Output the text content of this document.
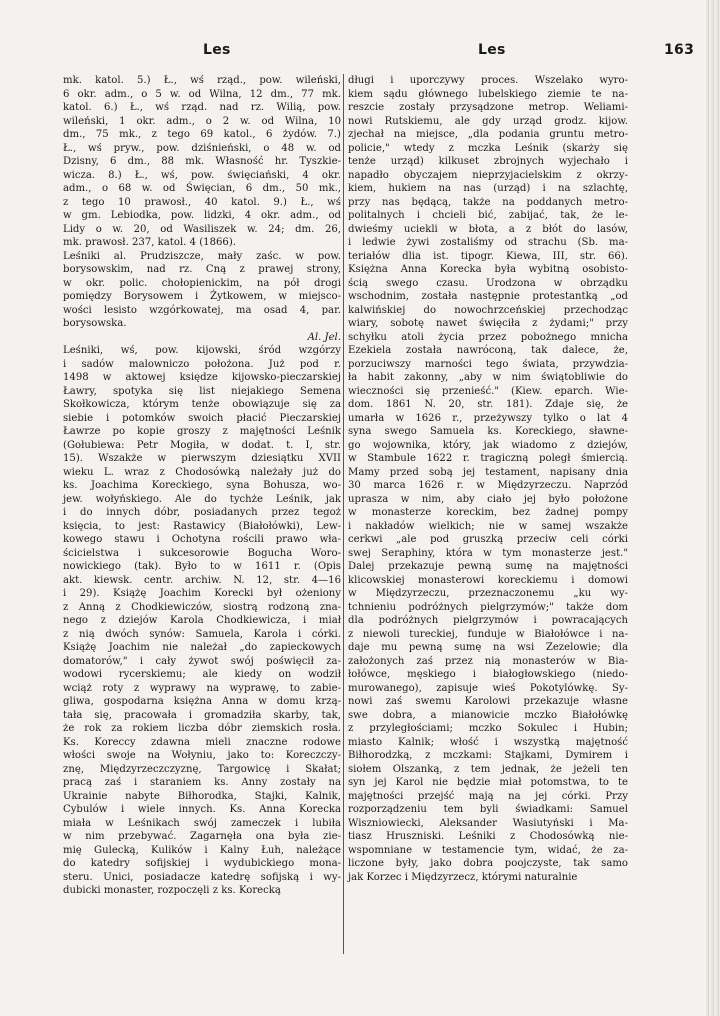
Les	Les	163
mk. katol. 5.) Ł., wś rząd., pow. wileński,
6 okr. adm., o 5 w. od Wilna, 12 dm., 77 mk.
katol. 6.) Ł., wś rząd. nad rz. Wilią, pow.
wileński, 1 okr. adm., o 2 w. od Wilna, 10
dm., 75 mk., z tego 69 katol., 6 żydów. 7.)
Ł., wś pryw., pow. dziśnieński, o 48 w. od
Dzisny, 6 dm., 88 mk. Własność hr. Tyszkie-
wicza. 8.) Ł., wś, pow. święciański, 4 okr.
adm., o 68 w. od Święcian, 6 dm., 50 mk.,
z tego 10 prawosł., 40 katol. 9.) Ł., wś
w gm. Lebiodka, pow. lidzki, 4 okr. adm., od
Lidy o w. 20, od Wasiliszek w. 24; dm. 26,
mk. prawosł. 237, katol. 4 (1866).
Leśniki al. Prudziszcze, mały zaśc. w pow.
borysowskim, nad rz. Cną z prawej strony,
w okr. polic. chołopienickim, na pół drogi
pomiędzy Borysowem i Żytkowem, w miejsco-
wości lesisto wzgórkowatej, ma osad 4, par.
borysowska.
Al. Jel.
Leśniki, wś, pow. kijowski, śród wzgórzy
i sadów malowniczo położona. Już pod r.
1498 w aktowej księdze kijowsko-pieczarskiej
Ławry, spotyka się list niejakiego Semena
Skołkowicza, którym tenże obowiązuje się za
siebie i potomków swoich płacić Pieczarskiej
Ławrze po kopie groszy z majętności Leśnik
(Gołubiewa: Petr Mogiła, w dodat. t. I, str.
15). Wszakże w pierwszym dziesiątku XVII
wieku L. wraz z Chodosówką należały już do
ks. Joachima Koreckiego, syna Bohusza, wo-
jew. wołyńskiego. Ale do tychże Leśnik, jak
i do innych dóbr, posiadanych przez tegoż
księcia, to jest: Rastawicy (Białołówki), Lew-
kowego stawu i Ochotyna rościli prawo wła-
ścicielstwa i sukcesorowie Bogucha Woro-
nowickiego (tak). Było to w 1611 r. (Opis
akt. kiewsk. centr. archiw. N. 12, str. 4—16
i 29). Książę Joachim Korecki był ożeniony
z Anną z Chodkiewiczów, siostrą rodzoną zna-
nego z dziejów Karola Chodkiewicza, i miał
z nią dwóch synów: Samuela, Karola i córki.
Książę Joachim nie należał „do zapieckowych
domatorów," i cały żywot swój poświęcił za-
wodowi rycerskiemu; ale kiedy on wodził
wciąż roty z wyprawy na wyprawę, to zabie-
gliwa, gospodarna księżna Anna w domu krzą-
tała się, pracowała i gromadziła skarby, tak,
że rok za rokiem liczba dóbr ziemskich rosła.
Ks. Koreccy zdawna mieli znaczne rodowe
włości swoje na Wołyniu, jako to: Koreczczy-
znę, Międzyrzeczczyznę, Targowicę i Skałat;
pracą zaś i staraniem ks. Anny zostały na
Ukrainie nabyte Biłhorodka, Stajki, Kalnik,
Cybulów i wiele innych. Ks. Anna Korecka
miała w Leśnikach swój zameczek i lubiła
w nim przebywać. Zagarnęła ona była zie-
mię Gulecką, Kulików i Kalny Łuh, należące
do katedry sofijskiej i wydubickiego mona-
steru. Unici, posiadacze katedrę sofijską i wy-
dubicki monaster, rozpoczęli z ks. Korecką
długi i uporczywy proces. Wszelako wyro-
kiem sądu głównego lubelskiego ziemie te na-
reszcie zostały przysądzone metrop. Weliami-
nowi Rutskiemu, ale gdy urząd grodz. kijow.
zjechał na miejsce, „dla podania gruntu metro-
policie," wtedy z mczka Leśnik (skarży się
tenże urząd) kilkuset zbrojnych wyjechało i
napadło obyczajem nieprzyjacielskim z okrzy-
kiem, hukiem na nas (urząd) i na szlachtę,
przy nas będącą, także na poddanych metro-
politalnych i chcieli bić, zabijać, tak, że le-
dwieśmy uciekli w błota, a z błót do lasów,
i ledwie żywi zostaliśmy od strachu (Sb. ma-
teriałów dlia ist. tipogr. Kiewa, III, str. 66).
Księżna Anna Korecka była wybitną osobisto-
ścią swego czasu. Urodzona w obrządku
wschodnim, została następnie protestantką „od
kalwińskiej do nowochrzceńskiej przechodząc
wiary, sobotę nawet święciła z żydami;" przy
schyłku atoli życia przez pobożnego mnicha
Ezekiela została nawróconą, tak dalece, że,
porzuciwszy marności tego świata, przywdzia-
ła habit zakonny, „aby w nim świątobliwie do
wieczności się przenieść." (Kiew. eparch. Wie-
dom. 1861 N. 20, str. 181). Zdaje się, że
umarła w 1626 r., przeżywszy tylko o lat 4
syna swego Samuela ks. Koreckiego, sławne-
go wojownika, który, jak wiadomo z dziejów,
w Stambule 1622 r. tragiczną poległ śmiercią.
Mamy przed sobą jej testament, napisany dnia
30 marca 1626 r. w Międzyrzeczu. Naprzód
uprasza w nim, aby ciało jej było położone
w monasterze koreckim, bez żadnej pompy
i nakładów wielkich; nie w samej wszakże
cerkwi „ale pod gruszką przeciw celi córki
swej Seraphiny, która w tym monasterze jest."
Dalej przekazuje pewną sumę na majętności
klicowskiej monasterowi koreckiemu i domowi
w Międzyrzeczu, przeznaczonemu „ku wy-
tchnieniu podróżnych pielgrzymów;" także dom
dla podróżnych pielgrzymów i powracających
z niewoli tureckiej, funduje w Białołówce i na-
daje mu pewną sumę na wsi Zezelowie; dla
założonych zaś przez nią monasterów w Bia-
łołówce, męskiego i białogłowskiego (niedo-
murowanego), zapisuje wieś Pokotylówkę. Sy-
nowi zaś swemu Karolowi przekazuje własne
swe dobra, a mianowicie mczko Białołówkę
z przyległościami; mczko Sokulec i Hubin;
miasto Kalnik; włość i wszystką majętność
Biłhorodzką, z mczkami: Stajkami, Dymirem i
siołem Olszanką, z tem jednak, że jeżeli ten
syn jej Karol nie będzie miał potomstwa, to te
majętności przejść mają na jej córki. Przy
rozporządzeniu tem byli świadkami: Samuel
Wiszniowiecki, Aleksander Wasiutyński i Ma-
tiasz Hruszniski. Leśniki z Chodosówką nie-
wspomniane w testamencie tym, widać, że za-
liczone były, jako dobra poojczyste, tak samo
jak Korzec i Międzyrzecz, którymi naturalnie
